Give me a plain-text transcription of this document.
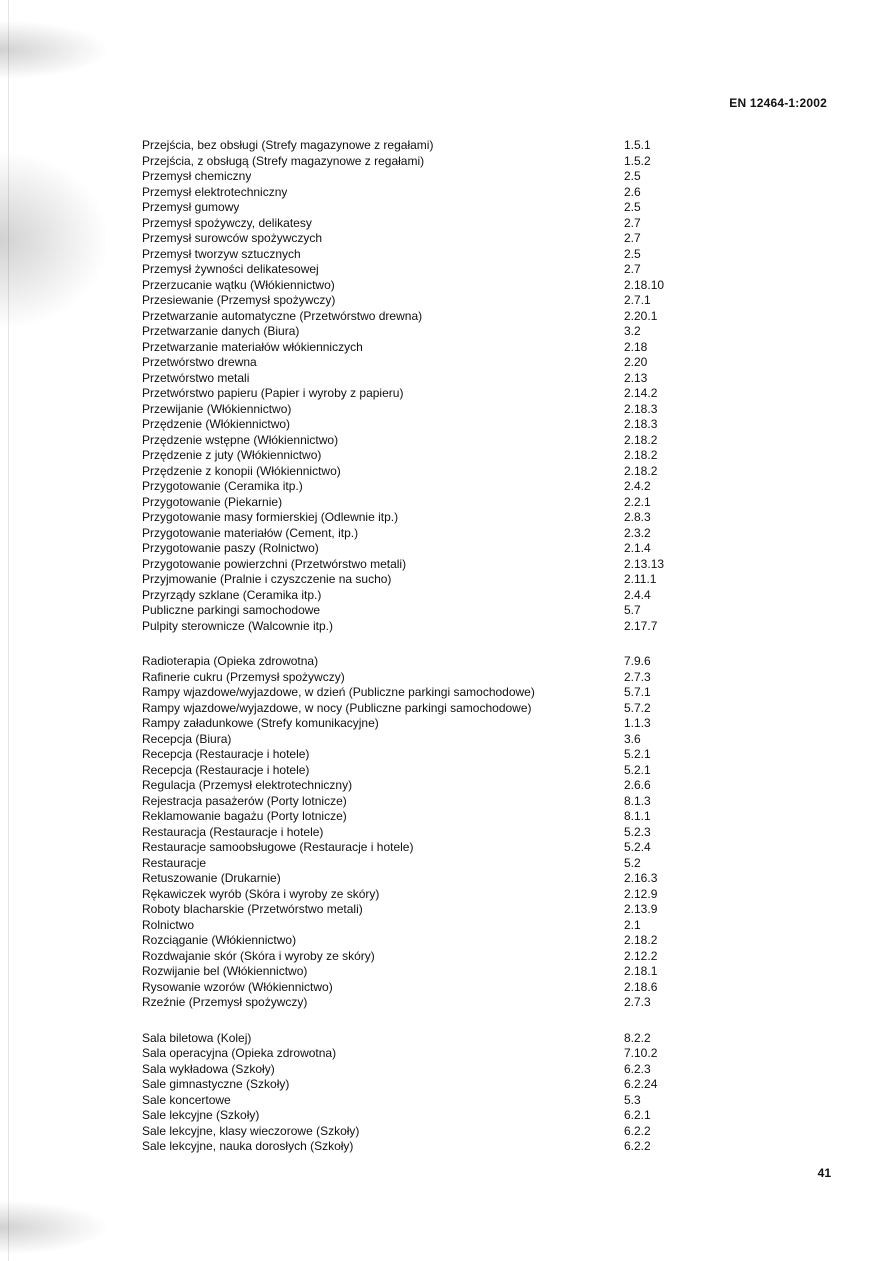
EN 12464-1:2002
Przejścia, bez obsługi (Strefy magazynowe z regałami)	1.5.1
Przejścia, z obsługą (Strefy magazynowe z regałami)	1.5.2
Przemysł chemiczny	2.5
Przemysł elektrotechniczny	2.6
Przemysł gumowy	2.5
Przemysł spożywczy, delikatesy	2.7
Przemysł surowców spożywczych	2.7
Przemysł tworzyw sztucznych	2.5
Przemysł żywności delikatesowej	2.7
Przerzucanie wątku (Włókiennictwo)	2.18.10
Przesiewanie (Przemysł spożywczy)	2.7.1
Przetwarzanie automatyczne (Przetwórstwo drewna)	2.20.1
Przetwarzanie danych (Biura)	3.2
Przetwarzanie materiałów włókienniczych	2.18
Przetwórstwo drewna	2.20
Przetwórstwo metali	2.13
Przetwórstwo papieru (Papier i wyroby z papieru)	2.14.2
Przewijanie (Włókiennictwo)	2.18.3
Przędzenie (Włókiennictwo)	2.18.3
Przędzenie wstępne (Włókiennictwo)	2.18.2
Przędzenie z juty (Włókiennictwo)	2.18.2
Przędzenie z konopii (Włókiennictwo)	2.18.2
Przygotowanie (Ceramika itp.)	2.4.2
Przygotowanie (Piekarnie)	2.2.1
Przygotowanie masy formierskiej (Odlewnie itp.)	2.8.3
Przygotowanie materiałów (Cement, itp.)	2.3.2
Przygotowanie paszy (Rolnictwo)	2.1.4
Przygotowanie powierzchni (Przetwórstwo metali)	2.13.13
Przyjmowanie (Pralnie i czyszczenie na sucho)	2.11.1
Przyrządy szklane (Ceramika itp.)	2.4.4
Publiczne parkingi samochodowe	5.7
Pulpity sterownicze (Walcownie itp.)	2.17.7
Radioterapia (Opieka zdrowotna)	7.9.6
Rafinerie cukru (Przemysł spożywczy)	2.7.3
Rampy wjazdowe/wyjazdowe, w dzień (Publiczne parkingi samochodowe)	5.7.1
Rampy wjazdowe/wyjazdowe, w nocy (Publiczne parkingi samochodowe)	5.7.2
Rampy załadunkowe (Strefy komunikacyjne)	1.1.3
Recepcja (Biura)	3.6
Recepcja (Restauracje i hotele)	5.2.1
Recepcja (Restauracje i hotele)	5.2.1
Regulacja (Przemysł elektrotechniczny)	2.6.6
Rejestracja pasażerów (Porty lotnicze)	8.1.3
Reklamowanie bagażu (Porty lotnicze)	8.1.1
Restauracja (Restauracje i hotele)	5.2.3
Restauracje samoobsługowe (Restauracje i hotele)	5.2.4
Restauracje	5.2
Retuszowanie (Drukarnie)	2.16.3
Rękawiczek wyrób (Skóra i wyroby ze skóry)	2.12.9
Roboty blacharskie (Przetwórstwo metali)	2.13.9
Rolnictwo	2.1
Rozciąganie (Włókiennictwo)	2.18.2
Rozdwajanie skór (Skóra i wyroby ze skóry)	2.12.2
Rozwijanie bel (Włókiennictwo)	2.18.1
Rysowanie wzorów (Włókiennictwo)	2.18.6
Rzeźnie (Przemysł spożywczy)	2.7.3
Sala biletowa (Kolej)	8.2.2
Sala operacyjna (Opieka zdrowotna)	7.10.2
Sala wykładowa (Szkoły)	6.2.3
Sale gimnastyczne (Szkoły)	6.2.24
Sale koncertowe	5.3
Sale lekcyjne (Szkoły)	6.2.1
Sale lekcyjne, klasy wieczorowe (Szkoły)	6.2.2
Sale lekcyjne, nauka dorosłych (Szkoły)	6.2.2
41
